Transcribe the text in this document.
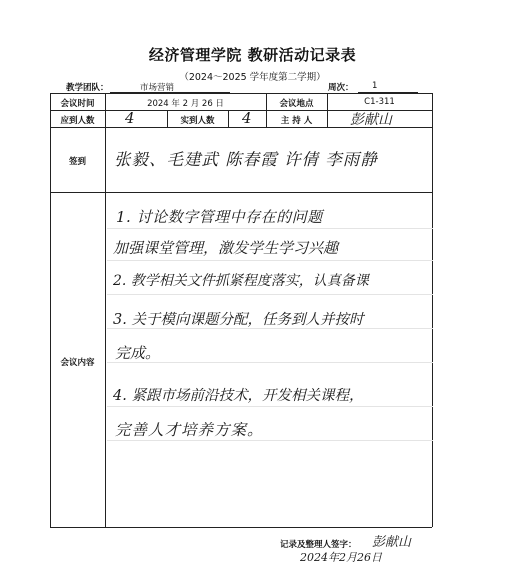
经济管理学院 教研活动记录表
（2024～2025 学年度第二学期）
教学团队：	市场营销	周次： 1
会议时间	2024 年 2 月 26 日	会议地点	C1-311
应到人数	4	实到人数	4	主 持 人	彭献山
签到	张毅、毛建武 陈春霞 许倩 李雨静
会议内容
1. 讨论数字管理中存在的问题
加强课堂管理，激发学生学习兴趣
2. 教学相关文件抓紧程度落实，认真备课
3. 关于模向课题分配，任务到人并按时
完成。
4. 紧跟市场前沿技术，开发相关课程，
完善人才培养方案。
记录及整理人签字： 彭献山
2024年2月26日
